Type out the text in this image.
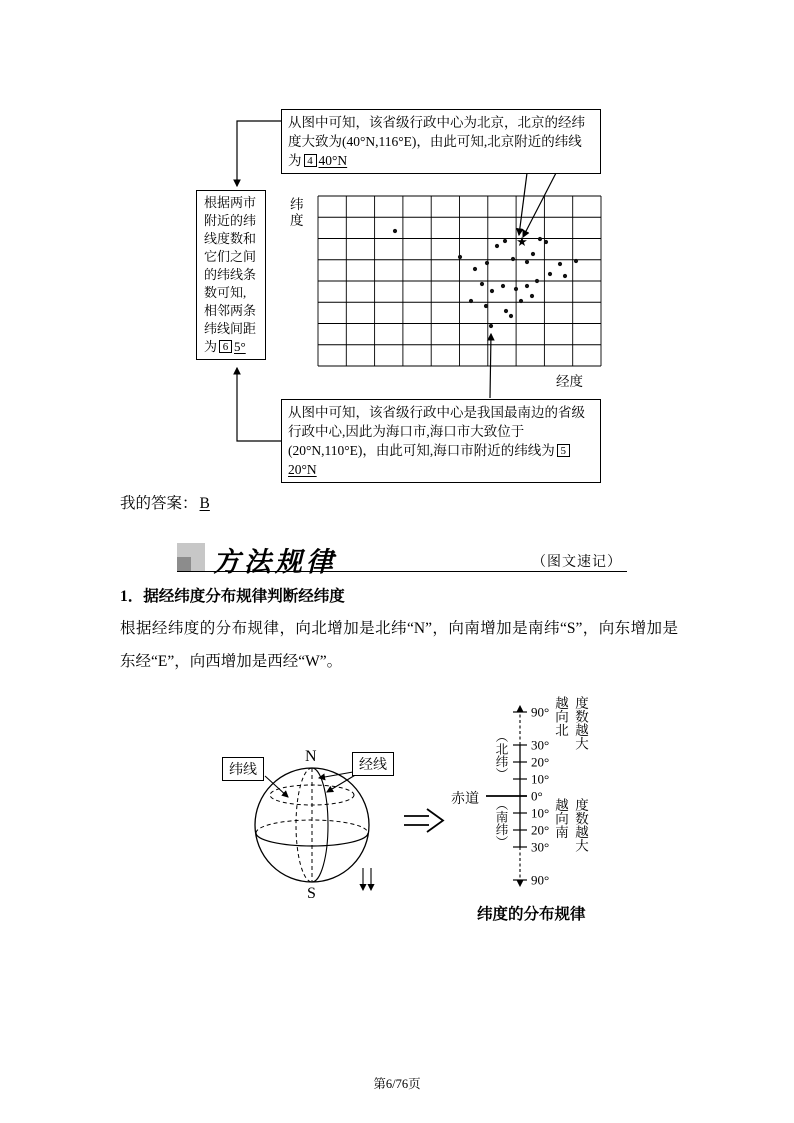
★
从图中可知，该省级行政中心为北京，北京的经纬度大致为(40°N,116°E)，由此可知,北京附近的纬线为 4 40°N
根据两市附近的纬线度数和它们之间的纬线条数可知,相邻两条纬线间距为 6 5°
从图中可知，该省级行政中心是我国最南边的省级行政中心,因此为海口市,海口市大致位于(20°N,110°E)，由此可知,海口市附近的纬线为 520°N
纬度
经度
我的答案： B
方法规律	（图文速记）
1．据经纬度分布规律判断经纬度
根据经纬度的分布规律，向北增加是北纬“N”，向南增加是南纬“S”，向东增加是东经“E”，向西增加是西经“W”。
纬线	经线
N
S
90°
30°
20°
10°
0°
10°
20°
30°
90°
赤道
（北纬）
（南纬）
越向北 度数越大
越向南 度数越大
纬度的分布规律
第6/76页
